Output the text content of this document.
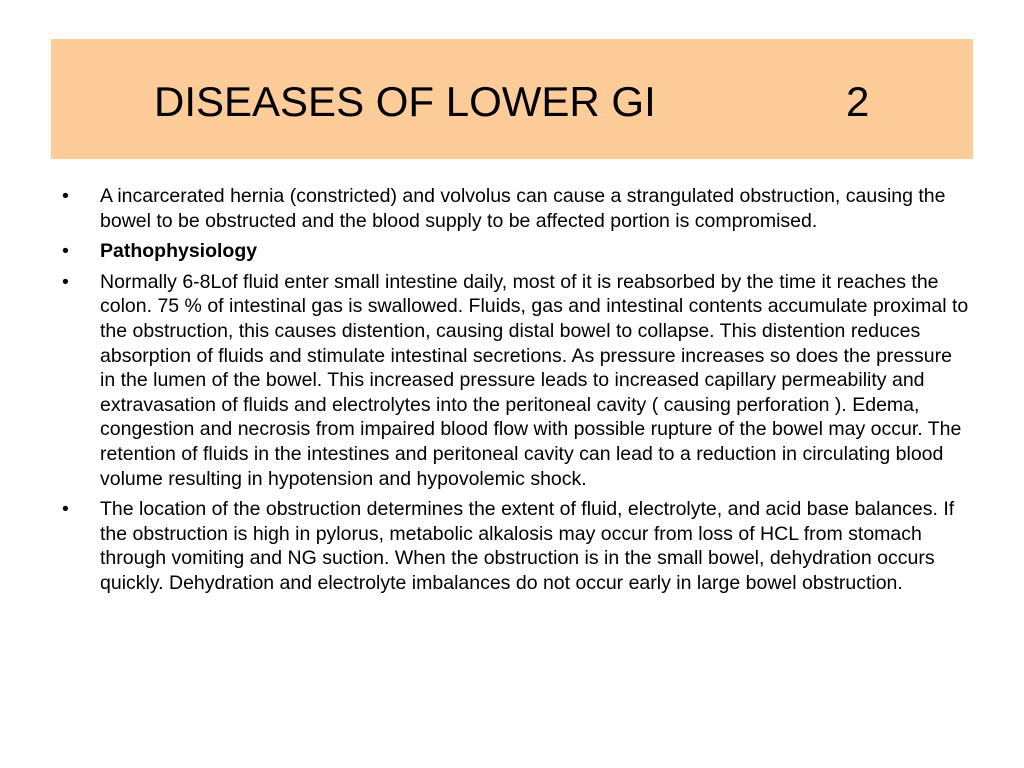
DISEASES OF LOWER GI	2
•	A incarcerated hernia (constricted) and volvolus can cause a strangulated obstruction, causing the bowel to be obstructed and the blood supply to be affected portion is compromised.
•	Pathophysiology
•	Normally 6-8Lof fluid enter small intestine daily, most of it is reabsorbed by the time it reaches the colon. 75 % of intestinal gas is swallowed. Fluids, gas and intestinal contents accumulate proximal to the obstruction, this causes distention, causing distal bowel to collapse. This distention reduces absorption of fluids and stimulate intestinal secretions. As pressure increases so does the pressure in the lumen of the bowel. This increased pressure leads to increased capillary permeability and extravasation of fluids and electrolytes into the peritoneal cavity ( causing perforation ). Edema, congestion and necrosis from impaired blood flow with possible rupture of the bowel may occur. The retention of fluids in the intestines and peritoneal cavity can lead to a reduction in circulating blood volume resulting in hypotension and hypovolemic shock.
•	The location of the obstruction determines the extent of fluid, electrolyte, and acid base balances. If the obstruction is high in pylorus, metabolic alkalosis may occur from loss of HCL from stomach through vomiting and NG suction. When the obstruction is in the small bowel, dehydration occurs quickly. Dehydration and electrolyte imbalances do not occur early in large bowel obstruction.
